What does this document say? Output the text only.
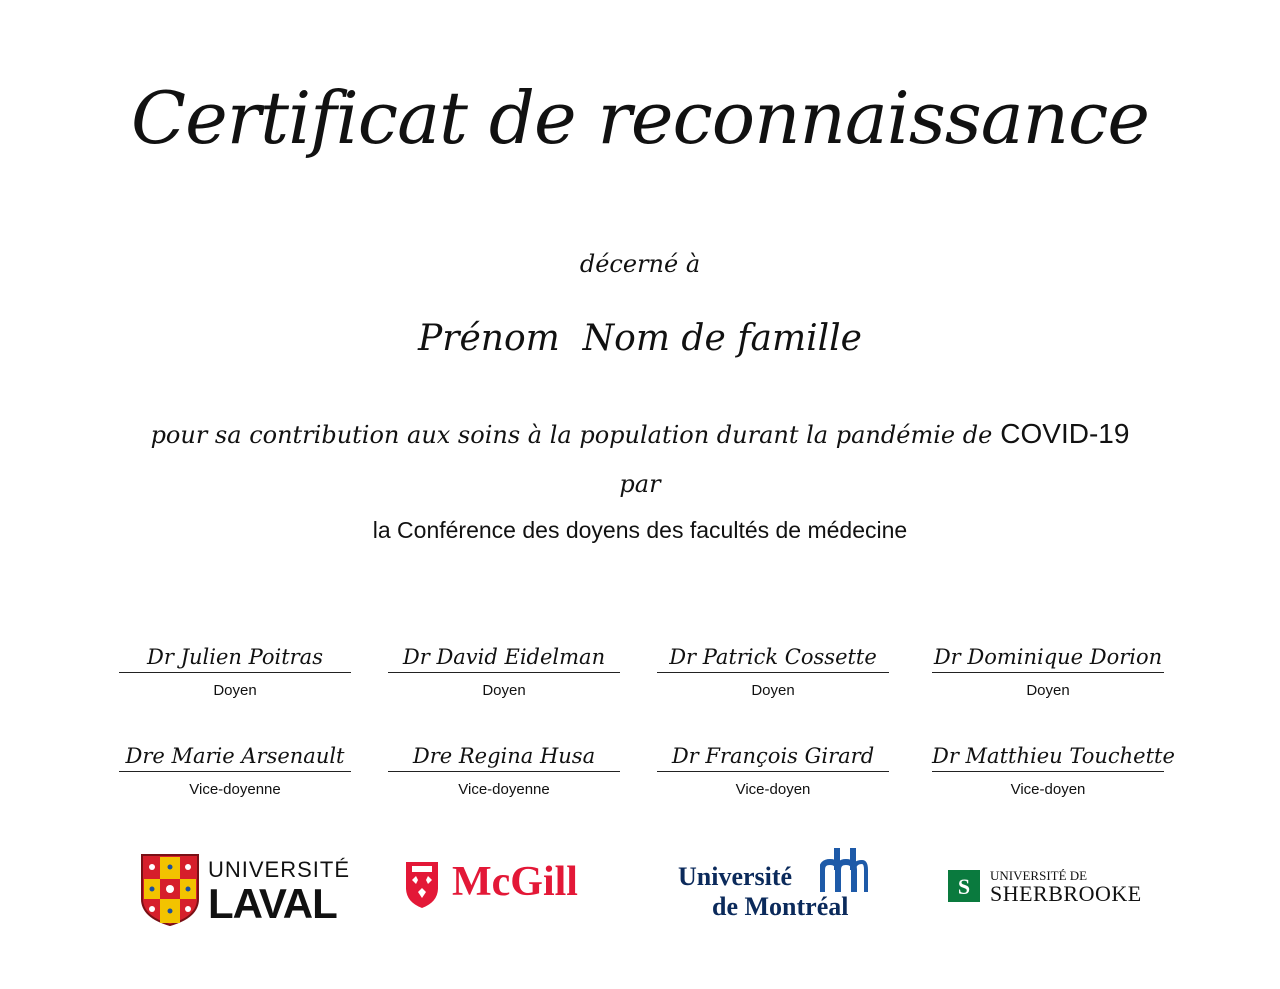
Certificat de reconnaissance
décerné à
Prénom  Nom de famille
pour sa contribution aux soins à la population durant la pandémie de COVID-19
par
la Conférence des doyens des facultés de médecine
Dr Julien Poitras
Doyen
Dr David Eidelman
Doyen
Dr Patrick Cossette
Doyen
Dr Dominique Dorion
Doyen
Dre Marie Arsenault
Vice-doyenne
Dre Regina Husa
Vice-doyenne
Dr François Girard
Vice-doyen
Dr Matthieu Touchette
Vice-doyen
UNIVERSITÉ
LAVAL	McGill	Université
de Montréal
S UNIVERSITÉ DE
SHERBROOKE
